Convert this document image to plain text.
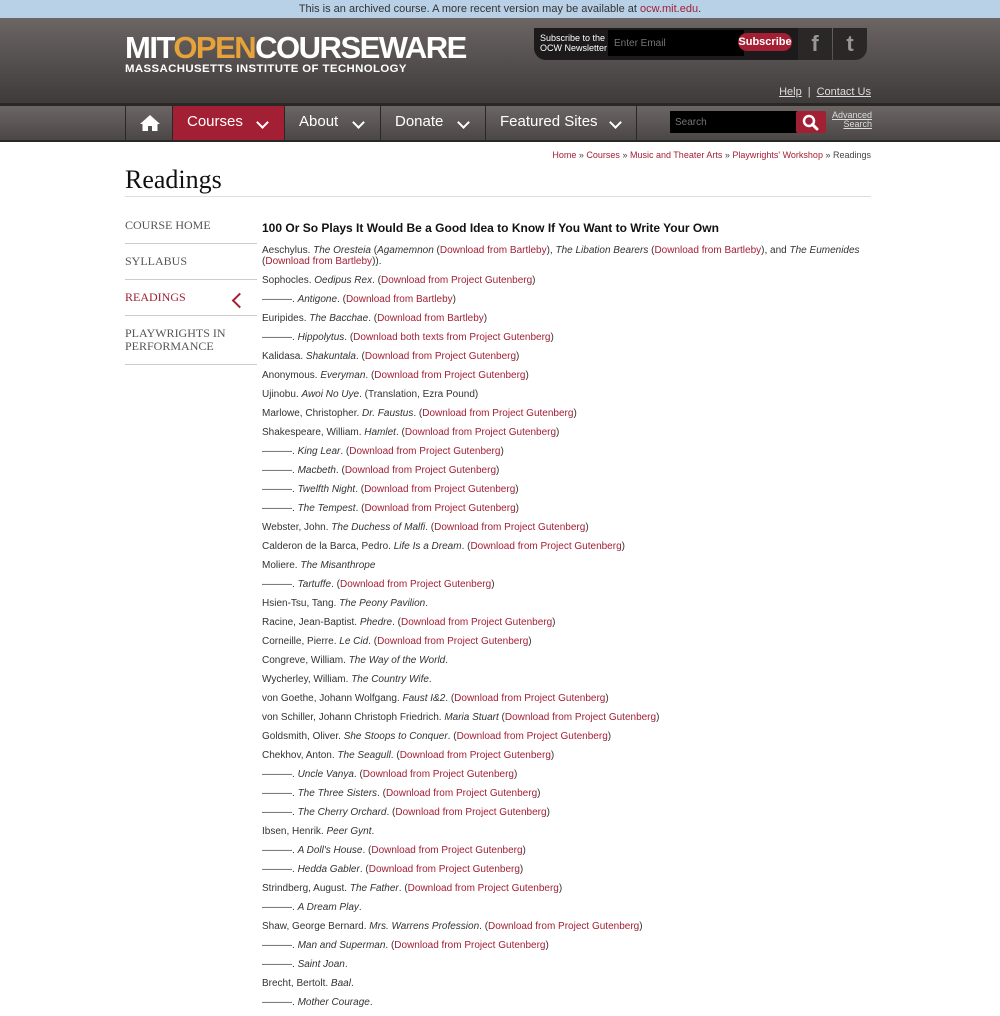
This is an archived course. A more recent version may be available at ocw.mit.edu.
MITOPENCOURSEWARE
MASSACHUSETTS INSTITUTE OF TECHNOLOGY
Subscribe to the OCW Newsletter
Enter Email	Subscribe f	t
Help | Contact Us
Courses	About	Donate	Featured Sites
Search	Advanced Search
Home » Courses » Music and Theater Arts » Playwrights' Workshop » Readings
Readings
COURSE HOME
SYLLABUS
READINGS
PLAYWRIGHTS IN PERFORMANCE
100 Or So Plays It Would Be a Good Idea to Know If You Want to Write Your Own

Aeschylus. The Oresteia (Agamemnon (Download from Bartleby), The Libation Bearers (Download from Bartleby), and The Eumenides (Download from Bartleby)).

Sophocles. Oedipus Rex. (Download from Project Gutenberg)

———. Antigone. (Download from Bartleby)

Euripides. The Bacchae. (Download from Bartleby)

———. Hippolytus. (Download both texts from Project Gutenberg)

Kalidasa. Shakuntala. (Download from Project Gutenberg)

Anonymous. Everyman. (Download from Project Gutenberg)

Ujinobu. Awoi No Uye. (Translation, Ezra Pound)

Marlowe, Christopher. Dr. Faustus. (Download from Project Gutenberg)

Shakespeare, William. Hamlet. (Download from Project Gutenberg)

———. King Lear. (Download from Project Gutenberg)

———. Macbeth. (Download from Project Gutenberg)

———. Twelfth Night. (Download from Project Gutenberg)

———. The Tempest. (Download from Project Gutenberg)

Webster, John. The Duchess of Malfi. (Download from Project Gutenberg)

Calderon de la Barca, Pedro. Life Is a Dream. (Download from Project Gutenberg)

Moliere. The Misanthrope

———. Tartuffe. (Download from Project Gutenberg)

Hsien-Tsu, Tang. The Peony Pavilion.

Racine, Jean-Baptist. Phedre. (Download from Project Gutenberg)

Corneille, Pierre. Le Cid. (Download from Project Gutenberg)

Congreve, William. The Way of the World.

Wycherley, William. The Country Wife.

von Goethe, Johann Wolfgang. Faust I&2. (Download from Project Gutenberg)

von Schiller, Johann Christoph Friedrich. Maria Stuart (Download from Project Gutenberg)

Goldsmith, Oliver. She Stoops to Conquer. (Download from Project Gutenberg)

Chekhov, Anton. The Seagull. (Download from Project Gutenberg)

———. Uncle Vanya. (Download from Project Gutenberg)

———. The Three Sisters. (Download from Project Gutenberg)

———. The Cherry Orchard. (Download from Project Gutenberg)

Ibsen, Henrik. Peer Gynt.

———. A Doll's House. (Download from Project Gutenberg)

———. Hedda Gabler. (Download from Project Gutenberg)

Strindberg, August. The Father. (Download from Project Gutenberg)

———. A Dream Play.

Shaw, George Bernard. Mrs. Warrens Profession. (Download from Project Gutenberg)

———. Man and Superman. (Download from Project Gutenberg)

———. Saint Joan.

Brecht, Bertolt. Baal.

———. Mother Courage.
